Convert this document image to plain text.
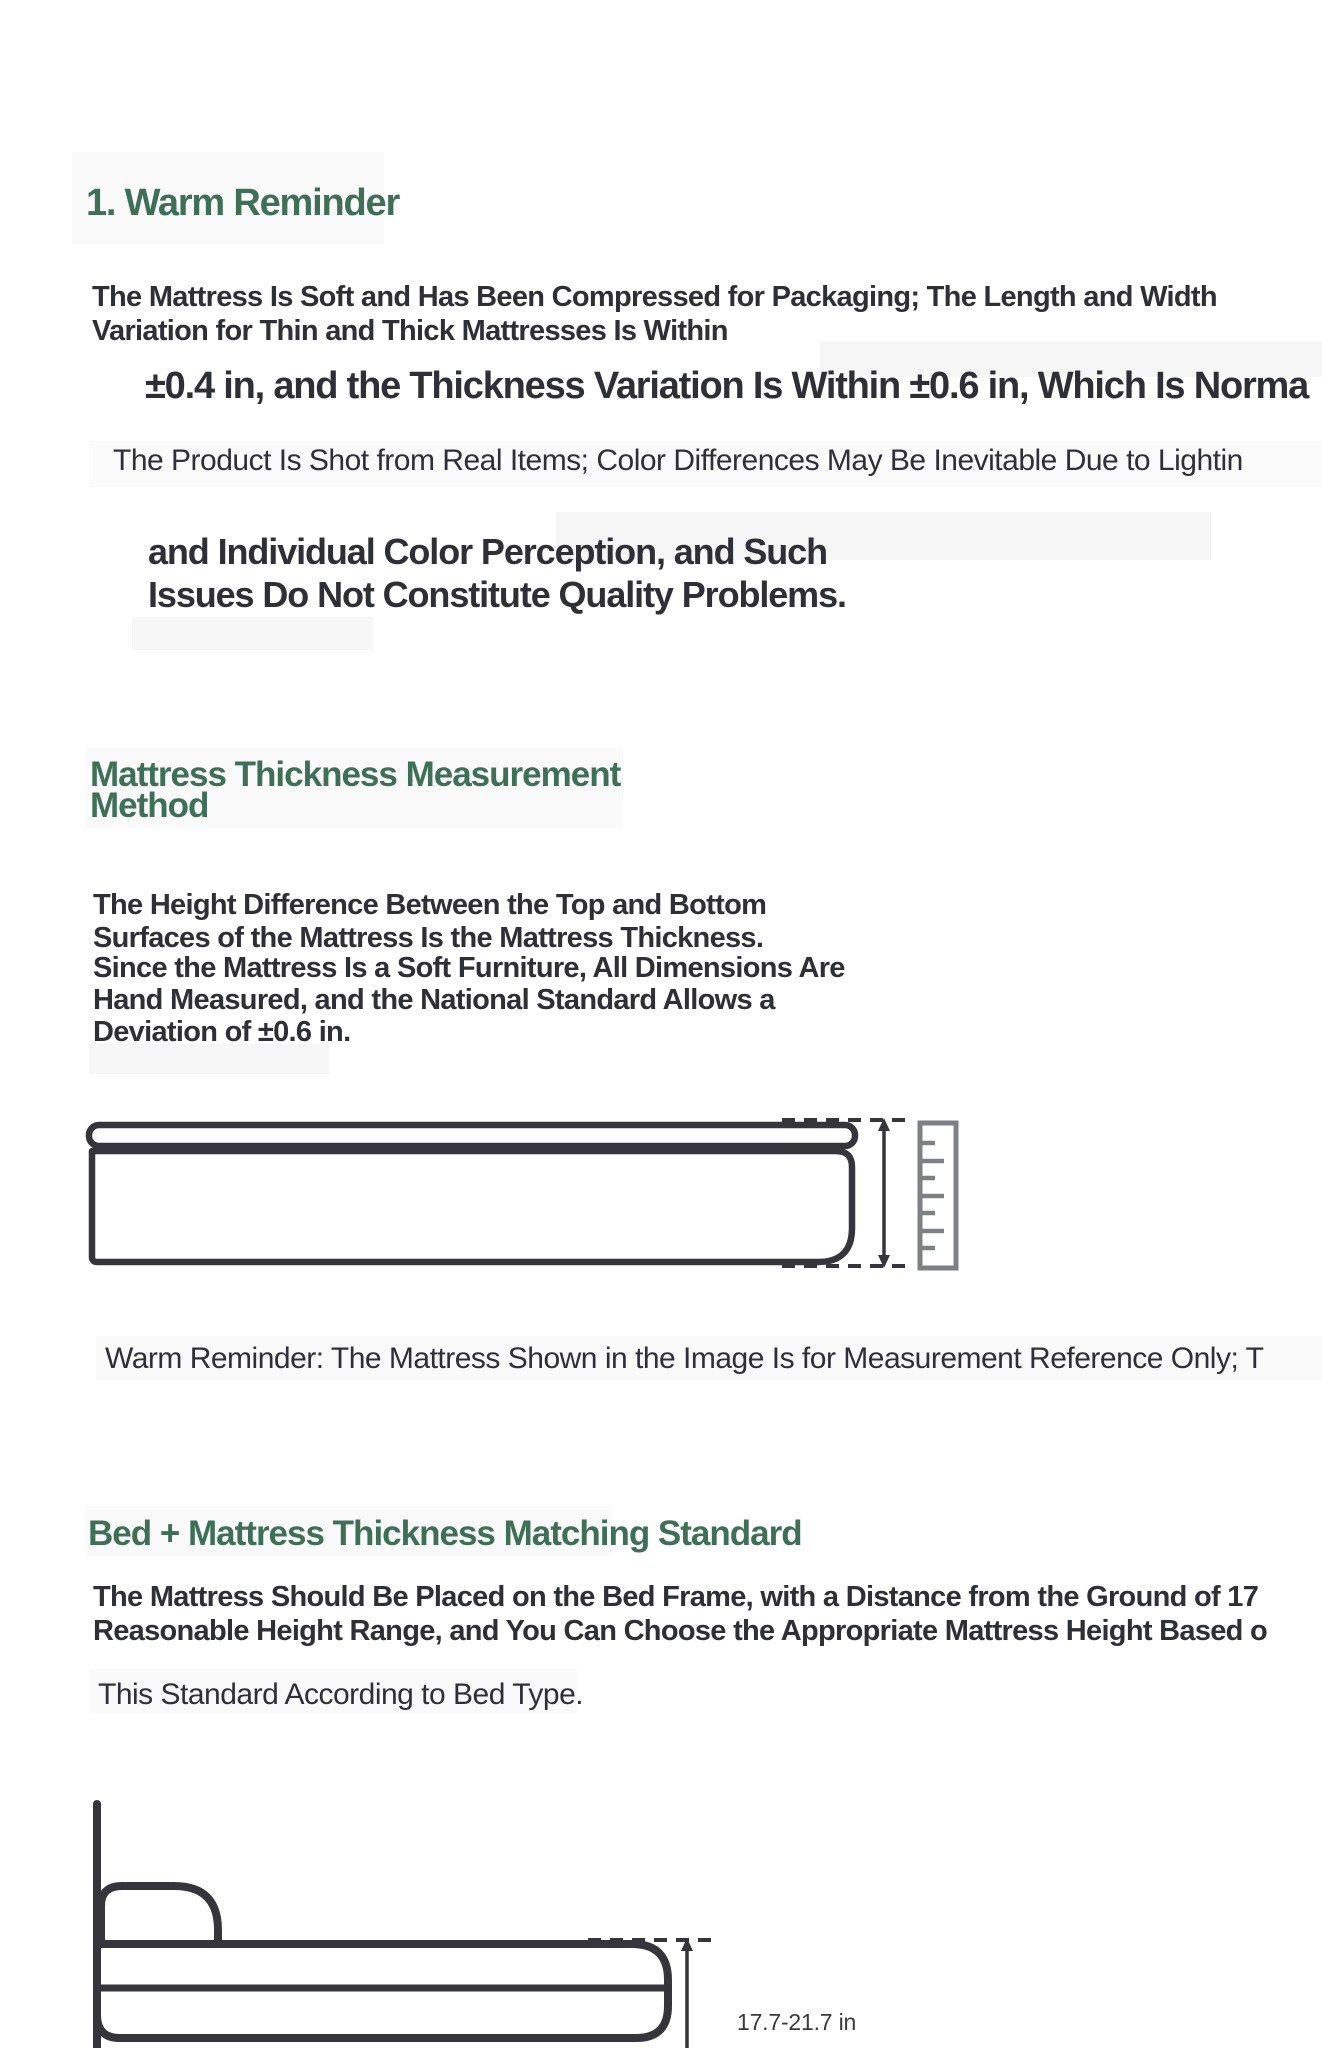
1. Warm Reminder
The Mattress Is Soft and Has Been Compressed for Packaging; The Length and Width
Variation for Thin and Thick Mattresses Is Within
±0.4 in, and the Thickness Variation Is Within ±0.6 in, Which Is Norma
The Product Is Shot from Real Items; Color Differences May Be Inevitable Due to Lightin
and Individual Color Perception, and Such
Issues Do Not Constitute Quality Problems.
Mattress Thickness Measurement
Method
The Height Difference Between the Top and Bottom
Surfaces of the Mattress Is the Mattress Thickness.
Since the Mattress Is a Soft Furniture, All Dimensions Are
Hand Measured, and the National Standard Allows a
Deviation of ±0.6 in.
Warm Reminder: The Mattress Shown in the Image Is for Measurement Reference Only; T
Bed + Mattress Thickness Matching Standard
The Mattress Should Be Placed on the Bed Frame, with a Distance from the Ground of 17
Reasonable Height Range, and You Can Choose the Appropriate Mattress Height Based o
This Standard According to Bed Type.
17.7-21.7 in
